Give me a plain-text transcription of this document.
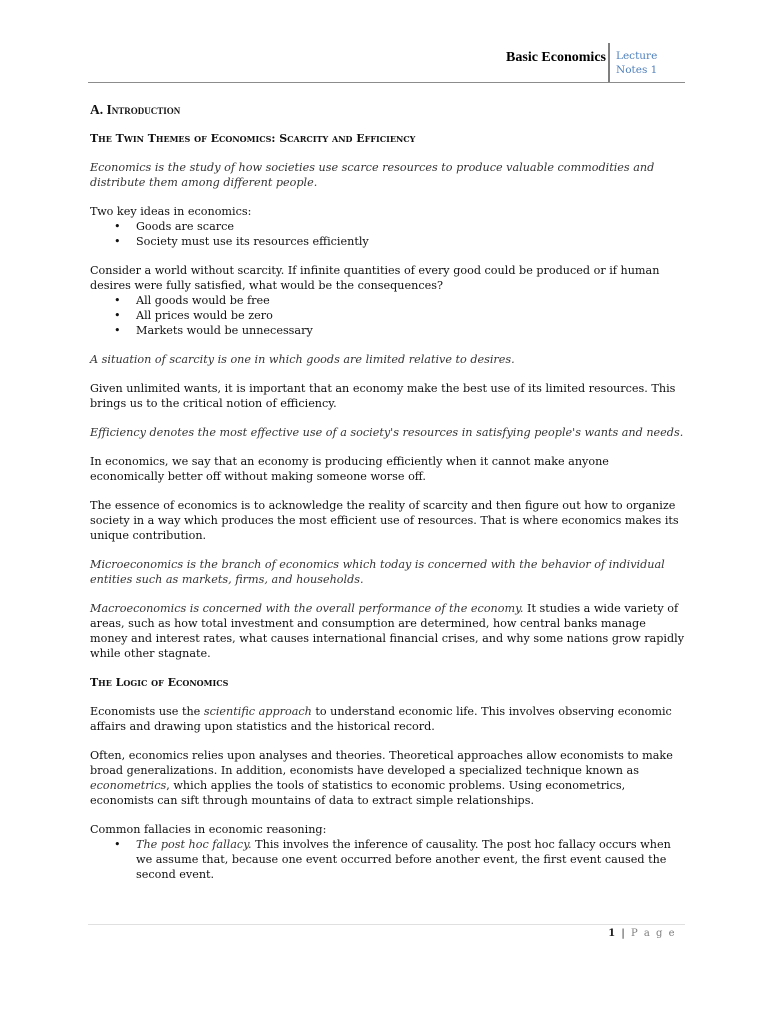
Basic Economics Lecture
Notes 1
A. Introduction
The Twin Themes of Economics: Scarcity and Efficiency

Economics is the study of how societies use scarce resources to produce valuable commodities and distribute them among different people.

Two key ideas in economics:

• Goods are scarce
• Society must use its resources efficiently

Consider a world without scarcity. If infinite quantities of every good could be produced or if human desires were fully satisfied, what would be the consequences?

• All goods would be free
• All prices would be zero
• Markets would be unnecessary

A situation of scarcity is one in which goods are limited relative to desires.

Given unlimited wants, it is important that an economy make the best use of its limited resources. This brings us to the critical notion of efficiency.

Efficiency denotes the most effective use of a society's resources in satisfying people's wants and needs.

In economics, we say that an economy is producing efficiently when it cannot make anyone economically better off without making someone worse off.

The essence of economics is to acknowledge the reality of scarcity and then figure out how to organize society in a way which produces the most efficient use of resources. That is where economics makes its unique contribution.

Microeconomics is the branch of economics which today is concerned with the behavior of individual entities such as markets, firms, and households.

Macroeconomics is concerned with the overall performance of the economy. It studies a wide variety of areas, such as how total investment and consumption are determined, how central banks manage money and interest rates, what causes international financial crises, and why some nations grow rapidly while other stagnate.

The Logic of Economics

Economists use the scientific approach to understand economic life. This involves observing economic affairs and drawing upon statistics and the historical record.

Often, economics relies upon analyses and theories. Theoretical approaches allow economists to make broad generalizations. In addition, economists have developed a specialized technique known as econometrics, which applies the tools of statistics to economic problems. Using econometrics, economists can sift through mountains of data to extract simple relationships.

Common fallacies in economic reasoning:

• The post hoc fallacy. This involves the inference of causality. The post hoc fallacy occurs when we assume that, because one event occurred before another event, the first event caused the second event.
1 | P a g e
